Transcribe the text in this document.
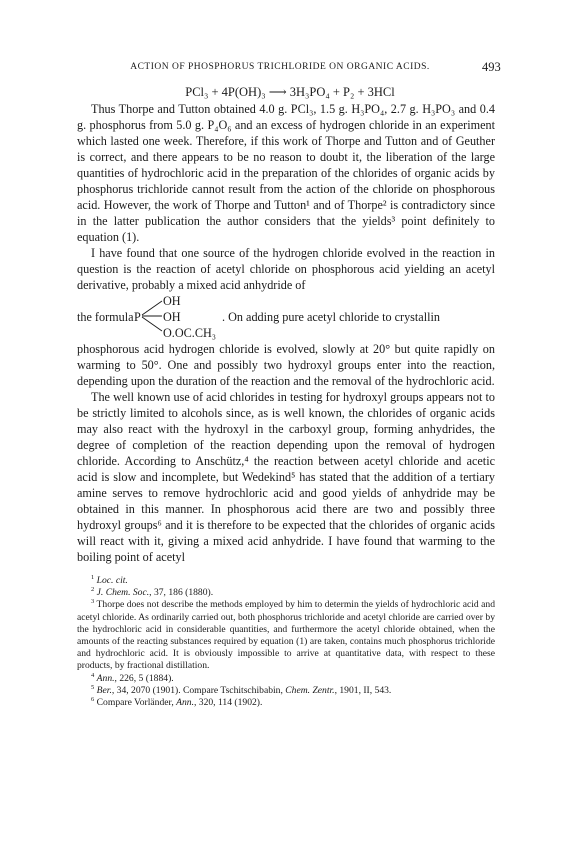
ACTION OF PHOSPHORUS TRICHLORIDE ON ORGANIC ACIDS.	493
PCl₃ + 4P(OH)₃ ⟶ 3H₃PO₄ + P₂ + 3HCl

Thus Thorpe and Tutton obtained 4.0 g. PCl₃, 1.5 g. H₃PO₄, 2.7 g. H₃PO₃ and 0.4 g. phosphorus from 5.0 g. P₄O₆ and an excess of hydrogen chloride in an experiment which lasted one week. Therefore, if this work of Thorpe and Tutton and of Geuther is correct, and there appears to be no reason to doubt it, the liberation of the large quantities of hydrochloric acid in the preparation of the chlorides of organic acids by phosphorus trichloride cannot result from the action of the chloride on phosphorous acid. However, the work of Thorpe and Tutton¹ and of Thorpe² is contradictory since in the latter publication the author considers that the yields³ point definitely to equation (1).

I have found that one source of the hydrogen chloride evolved in the reaction in question is the reaction of acetyl chloride on phosphorous acid yielding an acetyl derivative, probably a mixed acid anhydride of

the formula P
OH
OH
O.OC.CH₃
. On adding pure acetyl chloride to crystallin

phosphorous acid hydrogen chloride is evolved, slowly at 20° but quite rapidly on warming to 50°. One and possibly two hydroxyl groups enter into the reaction, depending upon the duration of the reaction and the removal of the hydrochloric acid.

The well known use of acid chlorides in testing for hydroxyl groups appears not to be strictly limited to alcohols since, as is well known, the chlorides of organic acids may also react with the hydroxyl in the carboxyl group, forming anhydrides, the degree of completion of the reaction depending upon the removal of hydrogen chloride. According to Anschütz,⁴ the reaction between acetyl chloride and acetic acid is slow and incomplete, but Wedekind⁵ has stated that the addition of a tertiary amine serves to remove hydrochloric acid and good yields of anhydride may be obtained in this manner. In phosphorous acid there are two and possibly three hydroxyl groups⁶ and it is therefore to be expected that the chlorides of organic acids will react with it, giving a mixed acid anhydride. I have found that warming to the boiling point of acetyl

$^1$ Loc. cit.

$^2$ J. Chem. Soc., 37, 186 (1880).

$^3$ Thorpe does not describe the methods employed by him to determin the yields of hydrochloric acid and acetyl chloride. As ordinarily carried out, both phosphorus trichloride and acetyl chloride are carried over by the hydrochloric acid in considerable quantities, and furthermore the acetyl chloride obtained, when the amounts of the reacting substances required by equation (1) are taken, contains much phosphorus trichloride and hydrochloric acid. It is obviously impossible to arrive at quantitative data, with respect to these products, by fractional distillation.

$^4$ Ann., 226, 5 (1884).

$^5$ Ber., 34, 2070 (1901). Compare Tschitschibabin, Chem. Zentr., 1901, II, 543.

$^6$ Compare Vorländer, Ann., 320, 114 (1902).
